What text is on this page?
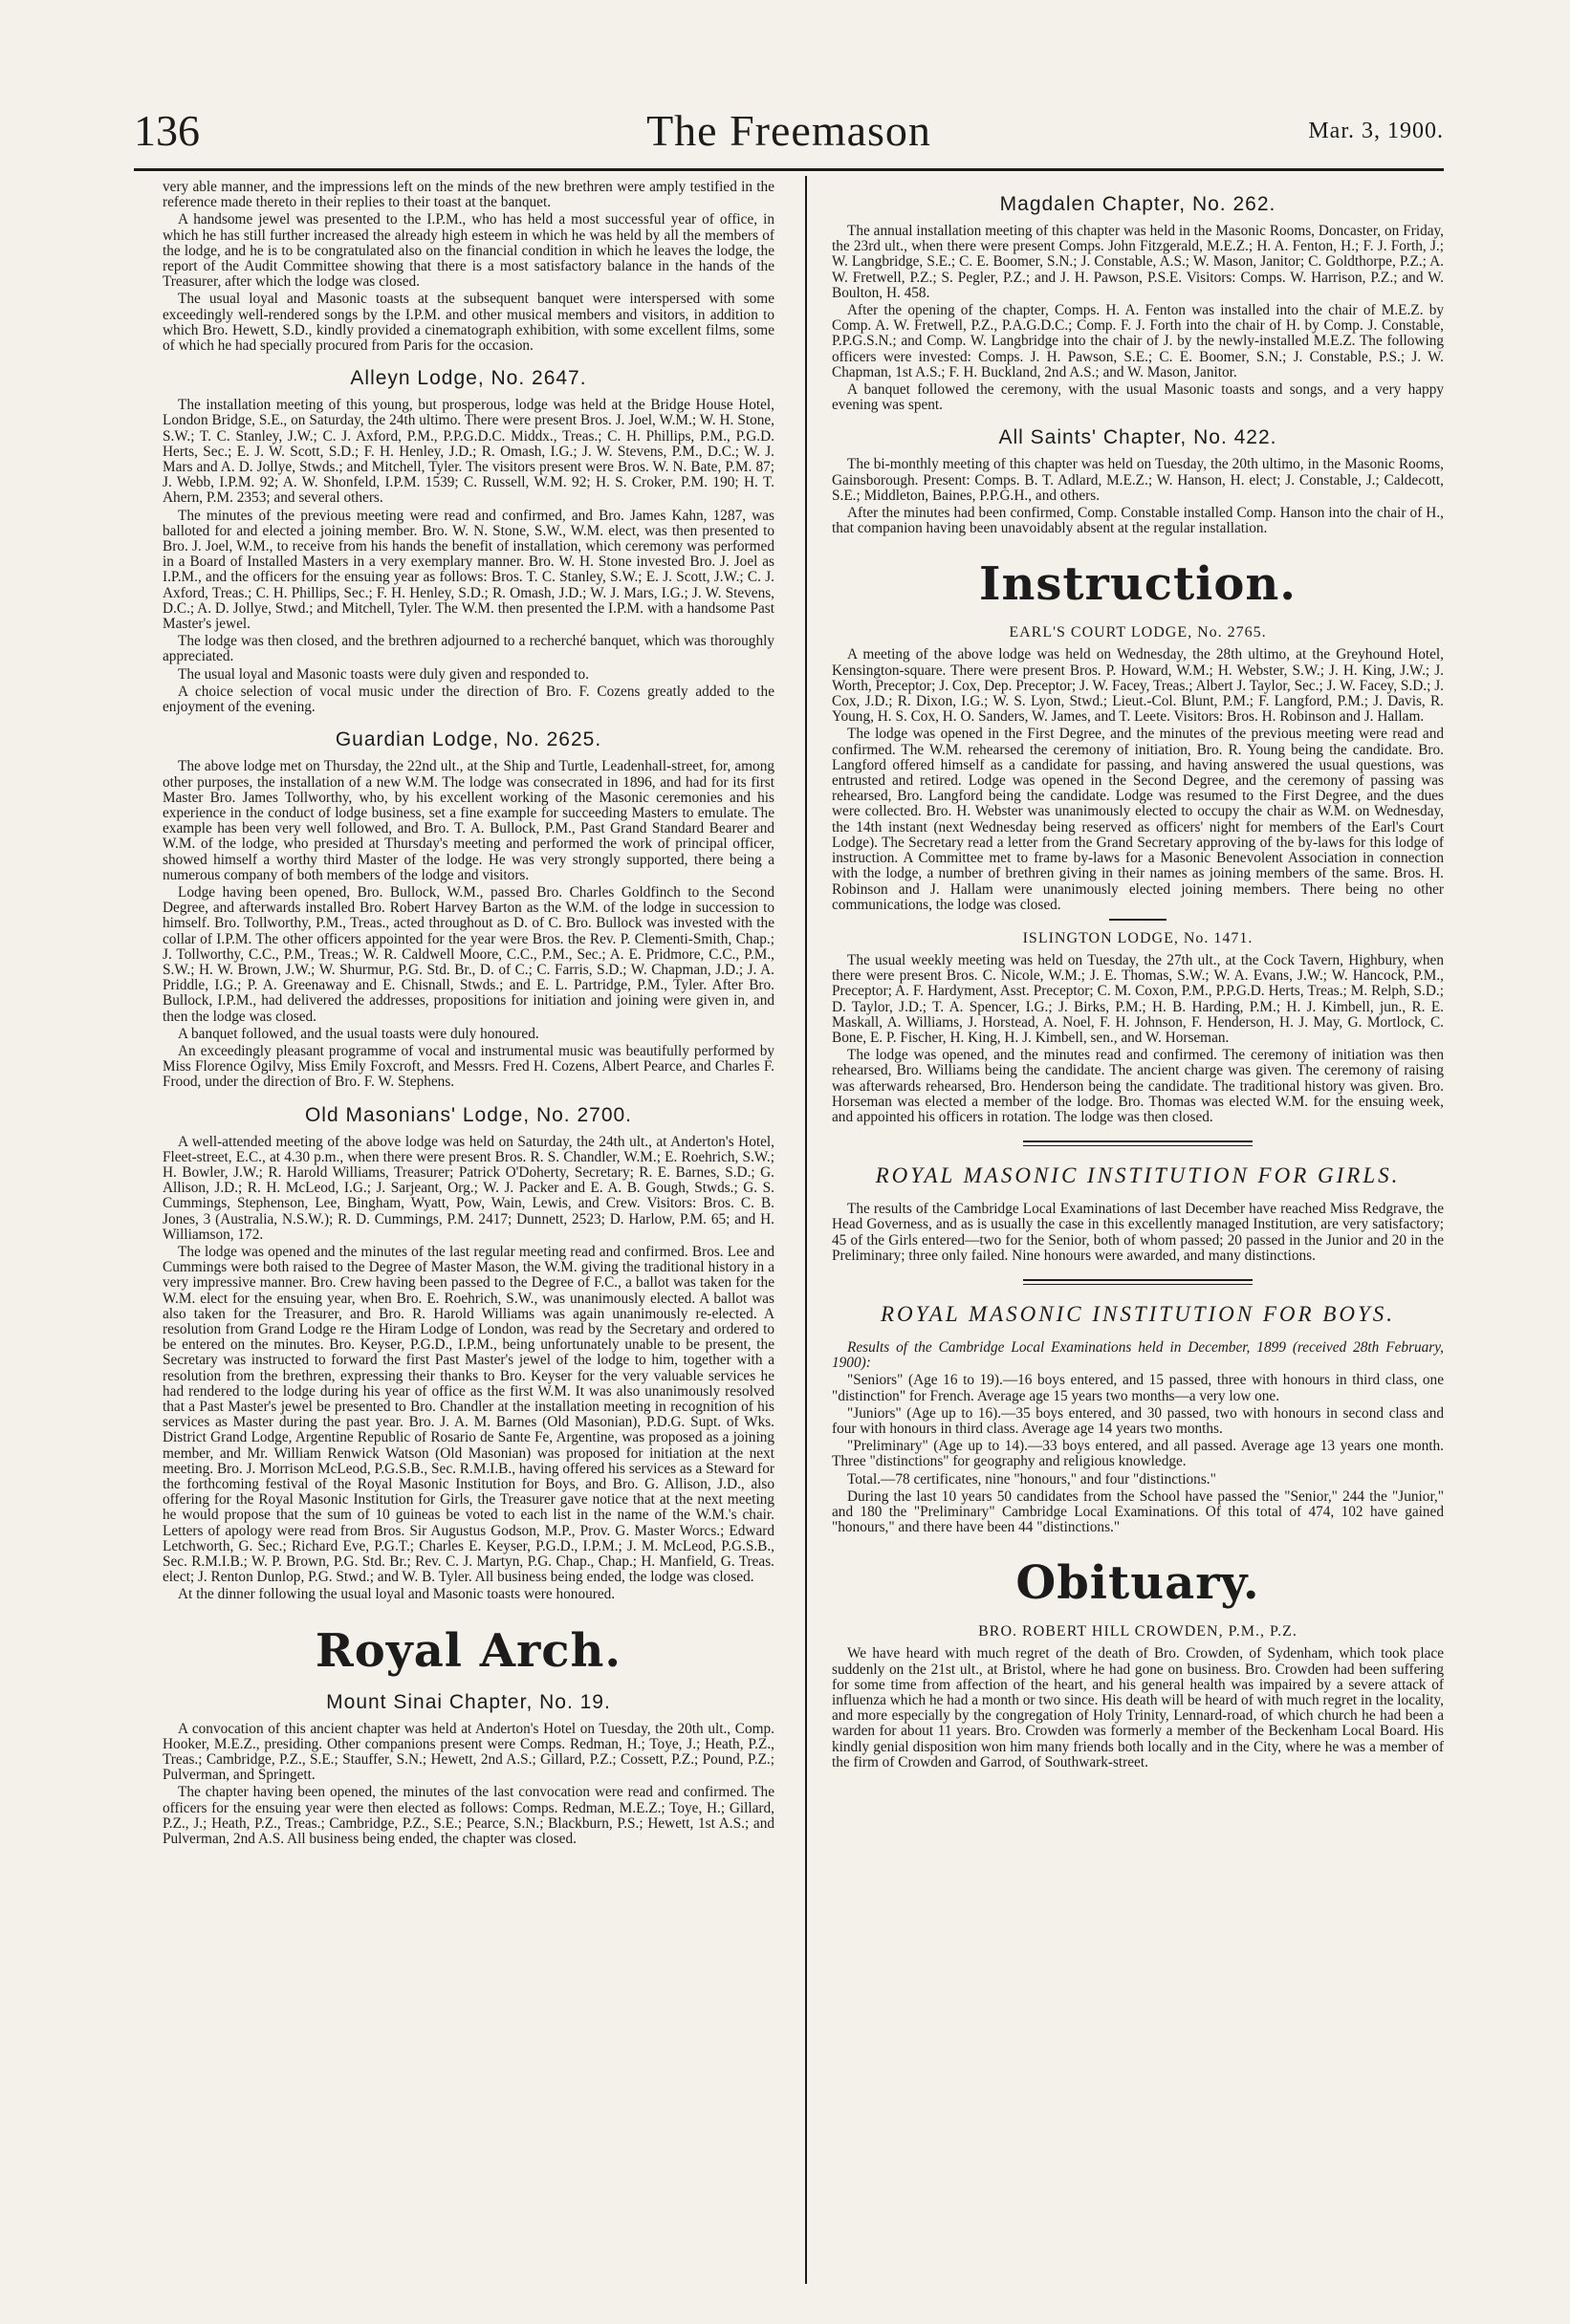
136	The Freemason	Mar. 3, 1900.

very able manner, and the impressions left on the minds of the new brethren were amply testified in the reference made thereto in their replies to their toast at the banquet.

A handsome jewel was presented to the I.P.M., who has held a most successful year of office, in which he has still further increased the already high esteem in which he was held by all the members of the lodge, and he is to be congratulated also on the financial condition in which he leaves the lodge, the report of the Audit Committee showing that there is a most satisfactory balance in the hands of the Treasurer, after which the lodge was closed.

The usual loyal and Masonic toasts at the subsequent banquet were interspersed with some exceedingly well-rendered songs by the I.P.M. and other musical members and visitors, in addition to which Bro. Hewett, S.D., kindly provided a cinematograph exhibition, with some excellent films, some of which he had specially procured from Paris for the occasion.

Alleyn Lodge, No. 2647.

The installation meeting of this young, but prosperous, lodge was held at the Bridge House Hotel, London Bridge, S.E., on Saturday, the 24th ultimo. There were present Bros. J. Joel, W.M.; W. H. Stone, S.W.; T. C. Stanley, J.W.; C. J. Axford, P.M., P.P.G.D.C. Middx., Treas.; C. H. Phillips, P.M., P.G.D. Herts, Sec.; E. J. W. Scott, S.D.; F. H. Henley, J.D.; R. Omash, I.G.; J. W. Stevens, P.M., D.C.; W. J. Mars and A. D. Jollye, Stwds.; and Mitchell, Tyler. The visitors present were Bros. W. N. Bate, P.M. 87; J. Webb, I.P.M. 92; A. W. Shonfeld, I.P.M. 1539; C. Russell, W.M. 92; H. S. Croker, P.M. 190; H. T. Ahern, P.M. 2353; and several others.

The minutes of the previous meeting were read and confirmed, and Bro. James Kahn, 1287, was balloted for and elected a joining member. Bro. W. N. Stone, S.W., W.M. elect, was then presented to Bro. J. Joel, W.M., to receive from his hands the benefit of installation, which ceremony was performed in a Board of Installed Masters in a very exemplary manner. Bro. W. H. Stone invested Bro. J. Joel as I.P.M., and the officers for the ensuing year as follows: Bros. T. C. Stanley, S.W.; E. J. Scott, J.W.; C. J. Axford, Treas.; C. H. Phillips, Sec.; F. H. Henley, S.D.; R. Omash, J.D.; W. J. Mars, I.G.; J. W. Stevens, D.C.; A. D. Jollye, Stwd.; and Mitchell, Tyler. The W.M. then presented the I.P.M. with a handsome Past Master's jewel.

The lodge was then closed, and the brethren adjourned to a recherché banquet, which was thoroughly appreciated.

The usual loyal and Masonic toasts were duly given and responded to.

A choice selection of vocal music under the direction of Bro. F. Cozens greatly added to the enjoyment of the evening.

Guardian Lodge, No. 2625.

The above lodge met on Thursday, the 22nd ult., at the Ship and Turtle, Leadenhall-street, for, among other purposes, the installation of a new W.M. The lodge was consecrated in 1896, and had for its first Master Bro. James Tollworthy, who, by his excellent working of the Masonic ceremonies and his experience in the conduct of lodge business, set a fine example for succeeding Masters to emulate. The example has been very well followed, and Bro. T. A. Bullock, P.M., Past Grand Standard Bearer and W.M. of the lodge, who presided at Thursday's meeting and performed the work of principal officer, showed himself a worthy third Master of the lodge. He was very strongly supported, there being a numerous company of both members of the lodge and visitors.

Lodge having been opened, Bro. Bullock, W.M., passed Bro. Charles Goldfinch to the Second Degree, and afterwards installed Bro. Robert Harvey Barton as the W.M. of the lodge in succession to himself. Bro. Tollworthy, P.M., Treas., acted throughout as D. of C. Bro. Bullock was invested with the collar of I.P.M. The other officers appointed for the year were Bros. the Rev. P. Clementi-Smith, Chap.; J. Tollworthy, C.C., P.M., Treas.; W. R. Caldwell Moore, C.C., P.M., Sec.; A. E. Pridmore, C.C., P.M., S.W.; H. W. Brown, J.W.; W. Shurmur, P.G. Std. Br., D. of C.; C. Farris, S.D.; W. Chapman, J.D.; J. A. Priddle, I.G.; P. A. Greenaway and E. Chisnall, Stwds.; and E. L. Partridge, P.M., Tyler. After Bro. Bullock, I.P.M., had delivered the addresses, propositions for initiation and joining were given in, and then the lodge was closed.

A banquet followed, and the usual toasts were duly honoured.

An exceedingly pleasant programme of vocal and instrumental music was beautifully performed by Miss Florence Ogilvy, Miss Emily Foxcroft, and Messrs. Fred H. Cozens, Albert Pearce, and Charles F. Frood, under the direction of Bro. F. W. Stephens.

Old Masonians' Lodge, No. 2700.

A well-attended meeting of the above lodge was held on Saturday, the 24th ult., at Anderton's Hotel, Fleet-street, E.C., at 4.30 p.m., when there were present Bros. R. S. Chandler, W.M.; E. Roehrich, S.W.; H. Bowler, J.W.; R. Harold Williams, Treasurer; Patrick O'Doherty, Secretary; R. E. Barnes, S.D.; G. Allison, J.D.; R. H. McLeod, I.G.; J. Sarjeant, Org.; W. J. Packer and E. A. B. Gough, Stwds.; G. S. Cummings, Stephenson, Lee, Bingham, Wyatt, Pow, Wain, Lewis, and Crew. Visitors: Bros. C. B. Jones, 3 (Australia, N.S.W.); R. D. Cummings, P.M. 2417; Dunnett, 2523; D. Harlow, P.M. 65; and H. Williamson, 172.

The lodge was opened and the minutes of the last regular meeting read and confirmed. Bros. Lee and Cummings were both raised to the Degree of Master Mason, the W.M. giving the traditional history in a very impressive manner. Bro. Crew having been passed to the Degree of F.C., a ballot was taken for the W.M. elect for the ensuing year, when Bro. E. Roehrich, S.W., was unanimously elected. A ballot was also taken for the Treasurer, and Bro. R. Harold Williams was again unanimously re-elected. A resolution from Grand Lodge re the Hiram Lodge of London, was read by the Secretary and ordered to be entered on the minutes. Bro. Keyser, P.G.D., I.P.M., being unfortunately unable to be present, the Secretary was instructed to forward the first Past Master's jewel of the lodge to him, together with a resolution from the brethren, expressing their thanks to Bro. Keyser for the very valuable services he had rendered to the lodge during his year of office as the first W.M. It was also unanimously resolved that a Past Master's jewel be presented to Bro. Chandler at the installation meeting in recognition of his services as Master during the past year. Bro. J. A. M. Barnes (Old Masonian), P.D.G. Supt. of Wks. District Grand Lodge, Argentine Republic of Rosario de Sante Fe, Argentine, was proposed as a joining member, and Mr. William Renwick Watson (Old Masonian) was proposed for initiation at the next meeting. Bro. J. Morrison McLeod, P.G.S.B., Sec. R.M.I.B., having offered his services as a Steward for the forthcoming festival of the Royal Masonic Institution for Boys, and Bro. G. Allison, J.D., also offering for the Royal Masonic Institution for Girls, the Treasurer gave notice that at the next meeting he would propose that the sum of 10 guineas be voted to each list in the name of the W.M.'s chair. Letters of apology were read from Bros. Sir Augustus Godson, M.P., Prov. G. Master Worcs.; Edward Letchworth, G. Sec.; Richard Eve, P.G.T.; Charles E. Keyser, P.G.D., I.P.M.; J. M. McLeod, P.G.S.B., Sec. R.M.I.B.; W. P. Brown, P.G. Std. Br.; Rev. C. J. Martyn, P.G. Chap., Chap.; H. Manfield, G. Treas. elect; J. Renton Dunlop, P.G. Stwd.; and W. B. Tyler. All business being ended, the lodge was closed.

At the dinner following the usual loyal and Masonic toasts were honoured.

Royal Arch.
Mount Sinai Chapter, No. 19.

A convocation of this ancient chapter was held at Anderton's Hotel on Tuesday, the 20th ult., Comp. Hooker, M.E.Z., presiding. Other companions present were Comps. Redman, H.; Toye, J.; Heath, P.Z., Treas.; Cambridge, P.Z., S.E.; Stauffer, S.N.; Hewett, 2nd A.S.; Gillard, P.Z.; Cossett, P.Z.; Pound, P.Z.; Pulverman, and Springett.

The chapter having been opened, the minutes of the last convocation were read and confirmed. The officers for the ensuing year were then elected as follows: Comps. Redman, M.E.Z.; Toye, H.; Gillard, P.Z., J.; Heath, P.Z., Treas.; Cambridge, P.Z., S.E.; Pearce, S.N.; Blackburn, P.S.; Hewett, 1st A.S.; and Pulverman, 2nd A.S. All business being ended, the chapter was closed.

Magdalen Chapter, No. 262.

The annual installation meeting of this chapter was held in the Masonic Rooms, Doncaster, on Friday, the 23rd ult., when there were present Comps. John Fitzgerald, M.E.Z.; H. A. Fenton, H.; F. J. Forth, J.; W. Langbridge, S.E.; C. E. Boomer, S.N.; J. Constable, A.S.; W. Mason, Janitor; C. Goldthorpe, P.Z.; A. W. Fretwell, P.Z.; S. Pegler, P.Z.; and J. H. Pawson, P.S.E. Visitors: Comps. W. Harrison, P.Z.; and W. Boulton, H. 458.

After the opening of the chapter, Comps. H. A. Fenton was installed into the chair of M.E.Z. by Comp. A. W. Fretwell, P.Z., P.A.G.D.C.; Comp. F. J. Forth into the chair of H. by Comp. J. Constable, P.P.G.S.N.; and Comp. W. Langbridge into the chair of J. by the newly-installed M.E.Z. The following officers were invested: Comps. J. H. Pawson, S.E.; C. E. Boomer, S.N.; J. Constable, P.S.; J. W. Chapman, 1st A.S.; F. H. Buckland, 2nd A.S.; and W. Mason, Janitor.

A banquet followed the ceremony, with the usual Masonic toasts and songs, and a very happy evening was spent.

All Saints' Chapter, No. 422.

The bi-monthly meeting of this chapter was held on Tuesday, the 20th ultimo, in the Masonic Rooms, Gainsborough. Present: Comps. B. T. Adlard, M.E.Z.; W. Hanson, H. elect; J. Constable, J.; Caldecott, S.E.; Middleton, Baines, P.P.G.H., and others.

After the minutes had been confirmed, Comp. Constable installed Comp. Hanson into the chair of H., that companion having been unavoidably absent at the regular installation.

Instruction.
EARL'S COURT LODGE, No. 2765.

A meeting of the above lodge was held on Wednesday, the 28th ultimo, at the Greyhound Hotel, Kensington-square. There were present Bros. P. Howard, W.M.; H. Webster, S.W.; J. H. King, J.W.; J. Worth, Preceptor; J. Cox, Dep. Preceptor; J. W. Facey, Treas.; Albert J. Taylor, Sec.; J. W. Facey, S.D.; J. Cox, J.D.; R. Dixon, I.G.; W. S. Lyon, Stwd.; Lieut.-Col. Blunt, P.M.; F. Langford, P.M.; J. Davis, R. Young, H. S. Cox, H. O. Sanders, W. James, and T. Leete. Visitors: Bros. H. Robinson and J. Hallam.

The lodge was opened in the First Degree, and the minutes of the previous meeting were read and confirmed. The W.M. rehearsed the ceremony of initiation, Bro. R. Young being the candidate. Bro. Langford offered himself as a candidate for passing, and having answered the usual questions, was entrusted and retired. Lodge was opened in the Second Degree, and the ceremony of passing was rehearsed, Bro. Langford being the candidate. Lodge was resumed to the First Degree, and the dues were collected. Bro. H. Webster was unanimously elected to occupy the chair as W.M. on Wednesday, the 14th instant (next Wednesday being reserved as officers' night for members of the Earl's Court Lodge). The Secretary read a letter from the Grand Secretary approving of the by-laws for this lodge of instruction. A Committee met to frame by-laws for a Masonic Benevolent Association in connection with the lodge, a number of brethren giving in their names as joining members of the same. Bros. H. Robinson and J. Hallam were unanimously elected joining members. There being no other communications, the lodge was closed.

ISLINGTON LODGE, No. 1471.

The usual weekly meeting was held on Tuesday, the 27th ult., at the Cock Tavern, Highbury, when there were present Bros. C. Nicole, W.M.; J. E. Thomas, S.W.; W. A. Evans, J.W.; W. Hancock, P.M., Preceptor; A. F. Hardyment, Asst. Preceptor; C. M. Coxon, P.M., P.P.G.D. Herts, Treas.; M. Relph, S.D.; D. Taylor, J.D.; T. A. Spencer, I.G.; J. Birks, P.M.; H. B. Harding, P.M.; H. J. Kimbell, jun., R. E. Maskall, A. Williams, J. Horstead, A. Noel, F. H. Johnson, F. Henderson, H. J. May, G. Mortlock, C. Bone, E. P. Fischer, H. King, H. J. Kimbell, sen., and W. Horseman.

The lodge was opened, and the minutes read and confirmed. The ceremony of initiation was then rehearsed, Bro. Williams being the candidate. The ancient charge was given. The ceremony of raising was afterwards rehearsed, Bro. Henderson being the candidate. The traditional history was given. Bro. Horseman was elected a member of the lodge. Bro. Thomas was elected W.M. for the ensuing week, and appointed his officers in rotation. The lodge was then closed.

ROYAL MASONIC INSTITUTION FOR GIRLS.

The results of the Cambridge Local Examinations of last December have reached Miss Redgrave, the Head Governess, and as is usually the case in this excellently managed Institution, are very satisfactory; 45 of the Girls entered—two for the Senior, both of whom passed; 20 passed in the Junior and 20 in the Preliminary; three only failed. Nine honours were awarded, and many distinctions.

ROYAL MASONIC INSTITUTION FOR BOYS.

Results of the Cambridge Local Examinations held in December, 1899 (received 28th February, 1900):

"Seniors" (Age 16 to 19).—16 boys entered, and 15 passed, three with honours in third class, one "distinction" for French. Average age 15 years two months—a very low one.

"Juniors" (Age up to 16).—35 boys entered, and 30 passed, two with honours in second class and four with honours in third class. Average age 14 years two months.

"Preliminary" (Age up to 14).—33 boys entered, and all passed. Average age 13 years one month. Three "distinctions" for geography and religious knowledge.

Total.—78 certificates, nine "honours," and four "distinctions."

During the last 10 years 50 candidates from the School have passed the "Senior," 244 the "Junior," and 180 the "Preliminary" Cambridge Local Examinations. Of this total of 474, 102 have gained "honours," and there have been 44 "distinctions."

Obituary.
BRO. ROBERT HILL CROWDEN, P.M., P.Z.

We have heard with much regret of the death of Bro. Crowden, of Sydenham, which took place suddenly on the 21st ult., at Bristol, where he had gone on business. Bro. Crowden had been suffering for some time from affection of the heart, and his general health was impaired by a severe attack of influenza which he had a month or two since. His death will be heard of with much regret in the locality, and more especially by the congregation of Holy Trinity, Lennard-road, of which church he had been a warden for about 11 years. Bro. Crowden was formerly a member of the Beckenham Local Board. His kindly genial disposition won him many friends both locally and in the City, where he was a member of the firm of Crowden and Garrod, of Southwark-street.
